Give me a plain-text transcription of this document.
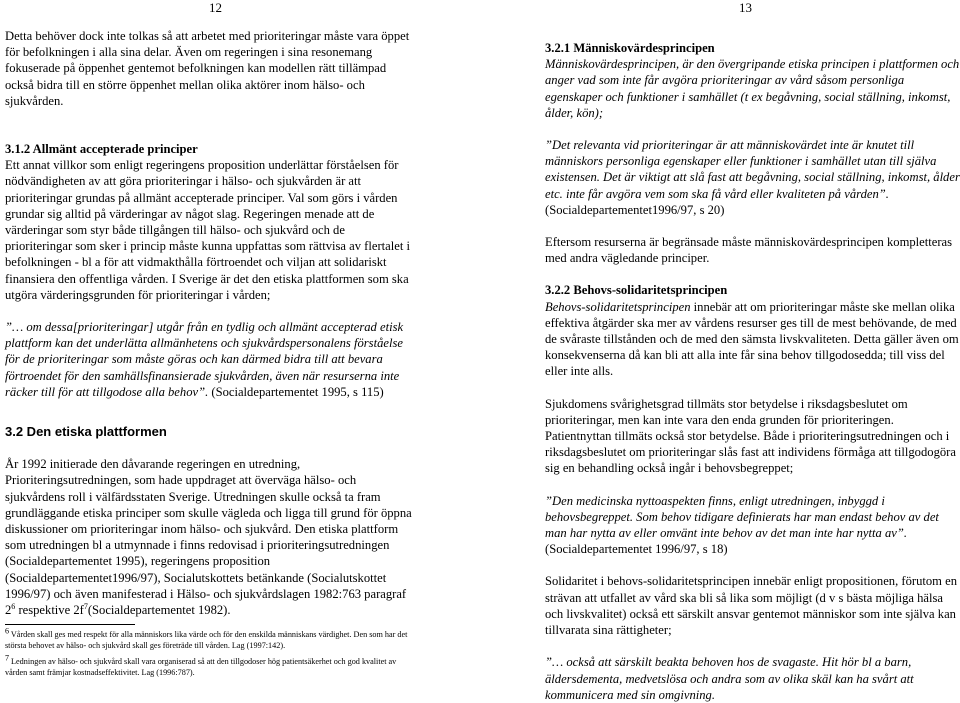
12	13

Detta behöver dock inte tolkas så att arbetet med prioriteringar måste vara öppet för befolkningen i alla sina delar. Även om regeringen i sina resonemang fokuserade på öppenhet gentemot befolkningen kan modellen rätt tillämpad också bidra till en större öppenhet mellan olika aktörer inom hälso- och sjukvården.

3.1.2 Allmänt accepterade principer

Ett annat villkor som enligt regeringens proposition underlättar förståelsen för nödvändigheten av att göra prioriteringar i hälso- och sjukvården är att prioriteringar grundas på allmänt accepterade principer. Val som görs i vården grundar sig alltid på värderingar av något slag. Regeringen menade att de värderingar som styr både tillgången till hälso- och sjukvård och de prioriteringar som sker i princip måste kunna uppfattas som rättvisa av flertalet i befolkningen - bl a för att vidmakthålla förtroendet och viljan att solidariskt finansiera den offentliga vården. I Sverige är det den etiska plattformen som ska utgöra värderingsgrunden för prioriteringar i vården;

”… om dessa[prioriteringar] utgår från en tydlig och allmänt accepterad etisk plattform kan det underlätta allmänhetens och sjukvårdspersonalens förståelse för de prioriteringar som måste göras och kan därmed bidra till att bevara förtroendet för den samhällsfinansierade sjukvården, även när resurserna inte räcker till för att tillgodose alla behov”. (Socialdepartementet 1995, s 115)

3.2 Den etiska plattformen

År 1992 initierade den dåvarande regeringen en utredning, Prioriteringsutredningen, som hade uppdraget att överväga hälso- och sjukvårdens roll i välfärdsstaten Sverige. Utredningen skulle också ta fram grundläggande etiska principer som skulle vägleda och ligga till grund för öppna diskussioner om prioriteringar inom hälso- och sjukvård. Den etiska plattform som utredningen bl a utmynnade i finns redovisad i prioriteringsutredningen (Socialdepartementet 1995), regeringens proposition (Socialdepartementet1996/97), Socialutskottets betänkande (Socialutskottet 1996/97) och även manifesterad i Hälso- och sjukvårdslagen 1982:763 paragraf $2^6$ respektive $2f^7(Socialdepartementet$ 1982).

$^6$ Vården skall ges med respekt för alla människors lika värde och för den enskilda människans värdighet. Den som har det största behovet av hälso- och sjukvård skall ges företräde till vården. Lag (1997:142).

$^7$ Ledningen av hälso- och sjukvård skall vara organiserad så att den tillgodoser hög patientsäkerhet och god kvalitet av vården samt främjar kostnadseffektivitet. Lag (1996:787).

3.2.1 Människovärdesprincipen

Människovärdesprincipen, är den övergripande etiska principen i plattformen och anger vad som inte får avgöra prioriteringar av vård såsom personliga egenskaper och funktioner i samhället (t ex begåvning, social ställning, inkomst, ålder, kön);

”Det relevanta vid prioriteringar är att människovärdet inte är knutet till människors personliga egenskaper eller funktioner i samhället utan till själva existensen. Det är viktigt att slå fast att begåvning, social ställning, inkomst, ålder etc. inte får avgöra vem som ska få vård eller kvaliteten på vården”.(Socialdepartementet1996/97, s 20)

Eftersom resurserna är begränsade måste människovärdesprincipen kompletteras med andra vägledande principer.

3.2.2 Behovs-solidaritetsprincipen

Behovs-solidaritetsprincipen innebär att om prioriteringar måste ske mellan olika effektiva åtgärder ska mer av vårdens resurser ges till de mest behövande, de med de svåraste tillstånden och de med den sämsta livskvaliteten. Detta gäller även om konsekvenserna då kan bli att alla inte får sina behov tillgodosedda; till viss del eller inte alls.

Sjukdomens svårighetsgrad tillmäts stor betydelse i riksdagsbeslutet om prioriteringar, men kan inte vara den enda grunden för prioriteringen. Patientnyttan tillmäts också stor betydelse. Både i prioriteringsutredningen och i riksdagsbeslutet om prioriteringar slås fast att individens förmåga att tillgodogöra sig en behandling också ingår i behovsbegreppet;

”Den medicinska nyttoaspekten finns, enligt utredningen, inbyggd i behovsbegreppet. Som behov tidigare definierats har man endast behov av det man har nytta av eller omvänt inte behov av det man inte har nytta av”. (Socialdepartementet 1996/97, s 18)

Solidaritet i behovs-solidaritetsprincipen innebär enligt propositionen, förutom en strävan att utfallet av vård ska bli så lika som möjligt (d v s bästa möjliga hälsa och livskvalitet) också ett särskilt ansvar gentemot människor som inte själva kan tillvarata sina rättigheter;

”… också att särskilt beakta behoven hos de svagaste. Hit hör bl a barn, äldersdementa, medvetslösa och andra som av olika skäl kan ha svårt att kommunicera med sin omgivning.
